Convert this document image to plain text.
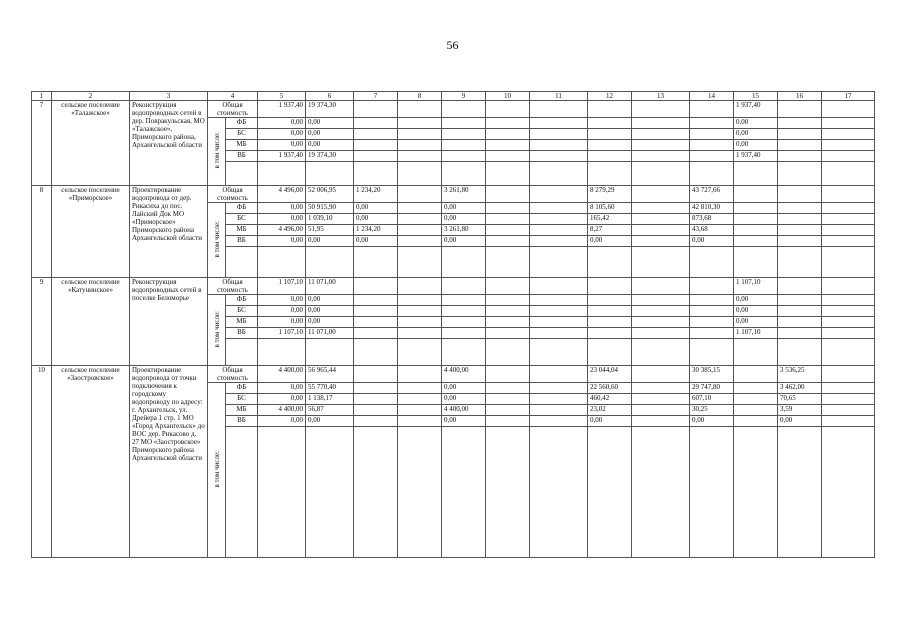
56
1	2	3	4		5	6	7	8	9	10	11	12	13	14	15	16	17	
7	сельское поселение «Талажское»	Реконструкция водопроводных сетей в дер. Повракульская, МО «Талажское», Приморского района, Архангельской области	Общая стоимость		1 937,40	19 374,30									1 937,40			
			в том числе:	ФБ	0,00	0,00									0,00			
				БС	0,00	0,00									0,00			
				МБ	0,00	0,00									0,00			
				ВБ	1 937,40	19 374,30									1 937,40			

8	сельское поселение «Приморское»	Проектирование водопровода от дер. Рикасиха до пос. Лайский Док МО «Приморское» Приморского района Архангельской области	Общая стоимость		4 496,00	52 006,95	1 234,20		3 261,80			8 279,29		43 727,66				
			в том числе:	ФБ	0,00	50 915,90	0,00		0,00			8 105,60		42 810,30				
				БС	0,00	1 039,10	0,00		0,00			165,42		873,68				
				МБ	4 496,00	51,95	1 234,20		3 261,80			8,27		43,68				
				ВБ	0,00	0,00	0,00		0,00			0,00		0,00				

9	сельское поселение «Катунинское»	Реконструкция водопроводных сетей в поселке Беломорье	Общая стоимость		1 107,10	11 071,00									1 107,10			
			в том числе:	ФБ	0,00	0,00									0,00			
				БС	0,00	0,00									0,00			
				МБ	0,00	0,00									0,00			
				ВБ	1 107,10	11 071,00									1 107,10			

10	сельское поселение «Заостровское»	Проектирование водопровода от точки подключения к городскому водопроводу по адресу: г. Архангельск, ул. Дрейера 1 стр. 1 МО «Город Архангельск» до ВОС дер. Рикасово д. 27 МО «Заостровское» Приморского района Архангельской области	Общая стоимость		4 400,00	56 965,44			4 400,00			23 044,04		30 385,15		3 536,25		
			в том числе:	ФБ	0,00	55 770,40			0,00			22 560,60		29 747,80		3 462,00		
				БС	0,00	1 138,17			0,00			460,42		607,10		70,65		
				МБ	4 400,00	56,87			4 400,00			23,02		30,25		3,59		
				ВБ	0,00	0,00			0,00			0,00		0,00		0,00		
